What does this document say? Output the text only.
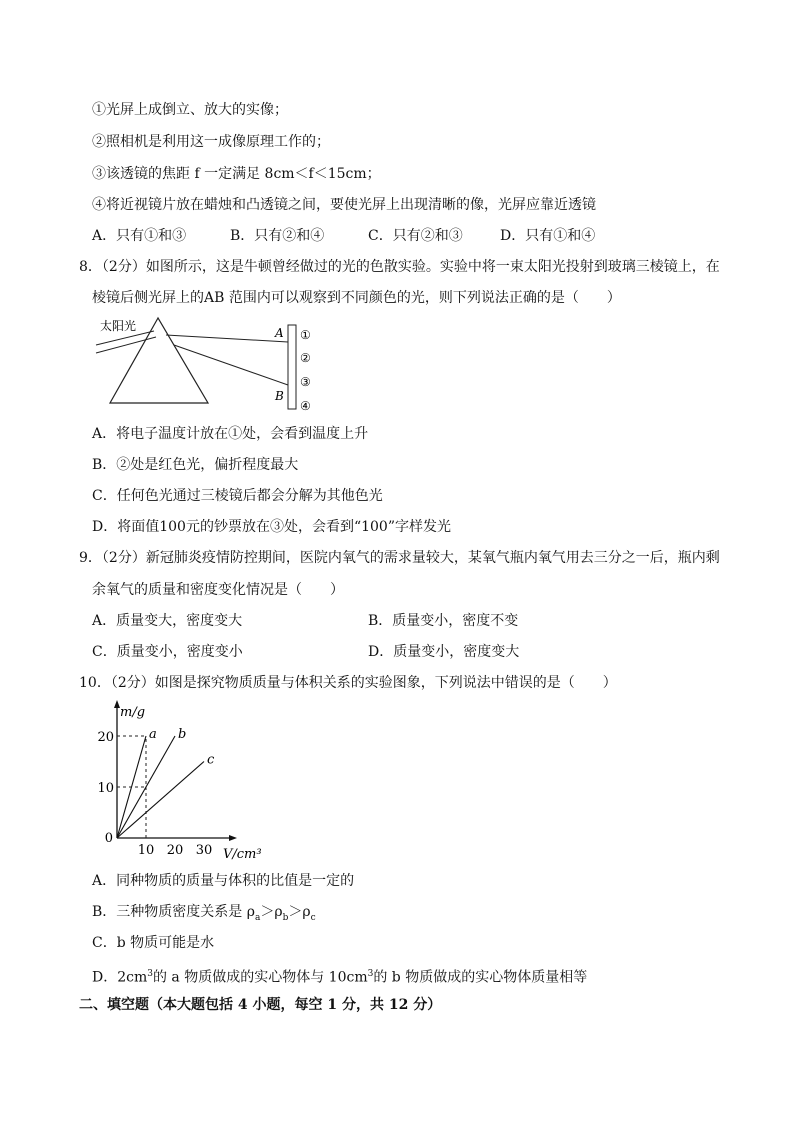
①光屏上成倒立、放大的实像；
②照相机是利用这一成像原理工作的；
③该透镜的焦距 f 一定满足 8cm＜f＜15cm；
④将近视镜片放在蜡烛和凸透镜之间，要使光屏上出现清晰的像，光屏应靠近透镜
A．只有①和③	B．只有②和④	C．只有②和③	D．只有①和④
8．（2分）如图所示，这是牛顿曾经做过的光的色散实验。实验中将一束太阳光投射到玻璃三棱镜上，在
棱镜后侧光屏上的AB 范围内可以观察到不同颜色的光，则下列说法正确的是（　　）
太阳光	A
B
①
②
③
④
A．将电子温度计放在①处，会看到温度上升
B．②处是红色光，偏折程度最大
C．任何色光通过三棱镜后都会分解为其他色光
D．将面值100元的钞票放在③处，会看到“100”字样发光
9．（2分）新冠肺炎疫情防控期间，医院内氧气的需求量较大，某氧气瓶内氧气用去三分之一后，瓶内剩
余氧气的质量和密度变化情况是（　　）
A．质量变大，密度变大	B．质量变小，密度不变
C．质量变小，密度变小	D．质量变小，密度变大
10．（2分）如图是探究物质质量与体积关系的实验图象，下列说法中错误的是（　　）
a b
c
10 20 30
10
20
0
m/g
V/cm³
A．同种物质的质量与体积的比值是一定的
B．三种物质密度关系是 $\rho_a>\rho_b>\rho_c$
C．b 物质可能是水
D．$2cm^3$的 a 物质做成的实心物体与 $10cm^3$的 b 物质做成的实心物体质量相等
二、填空题（本大题包括 4 小题，每空 1 分，共 12 分）
